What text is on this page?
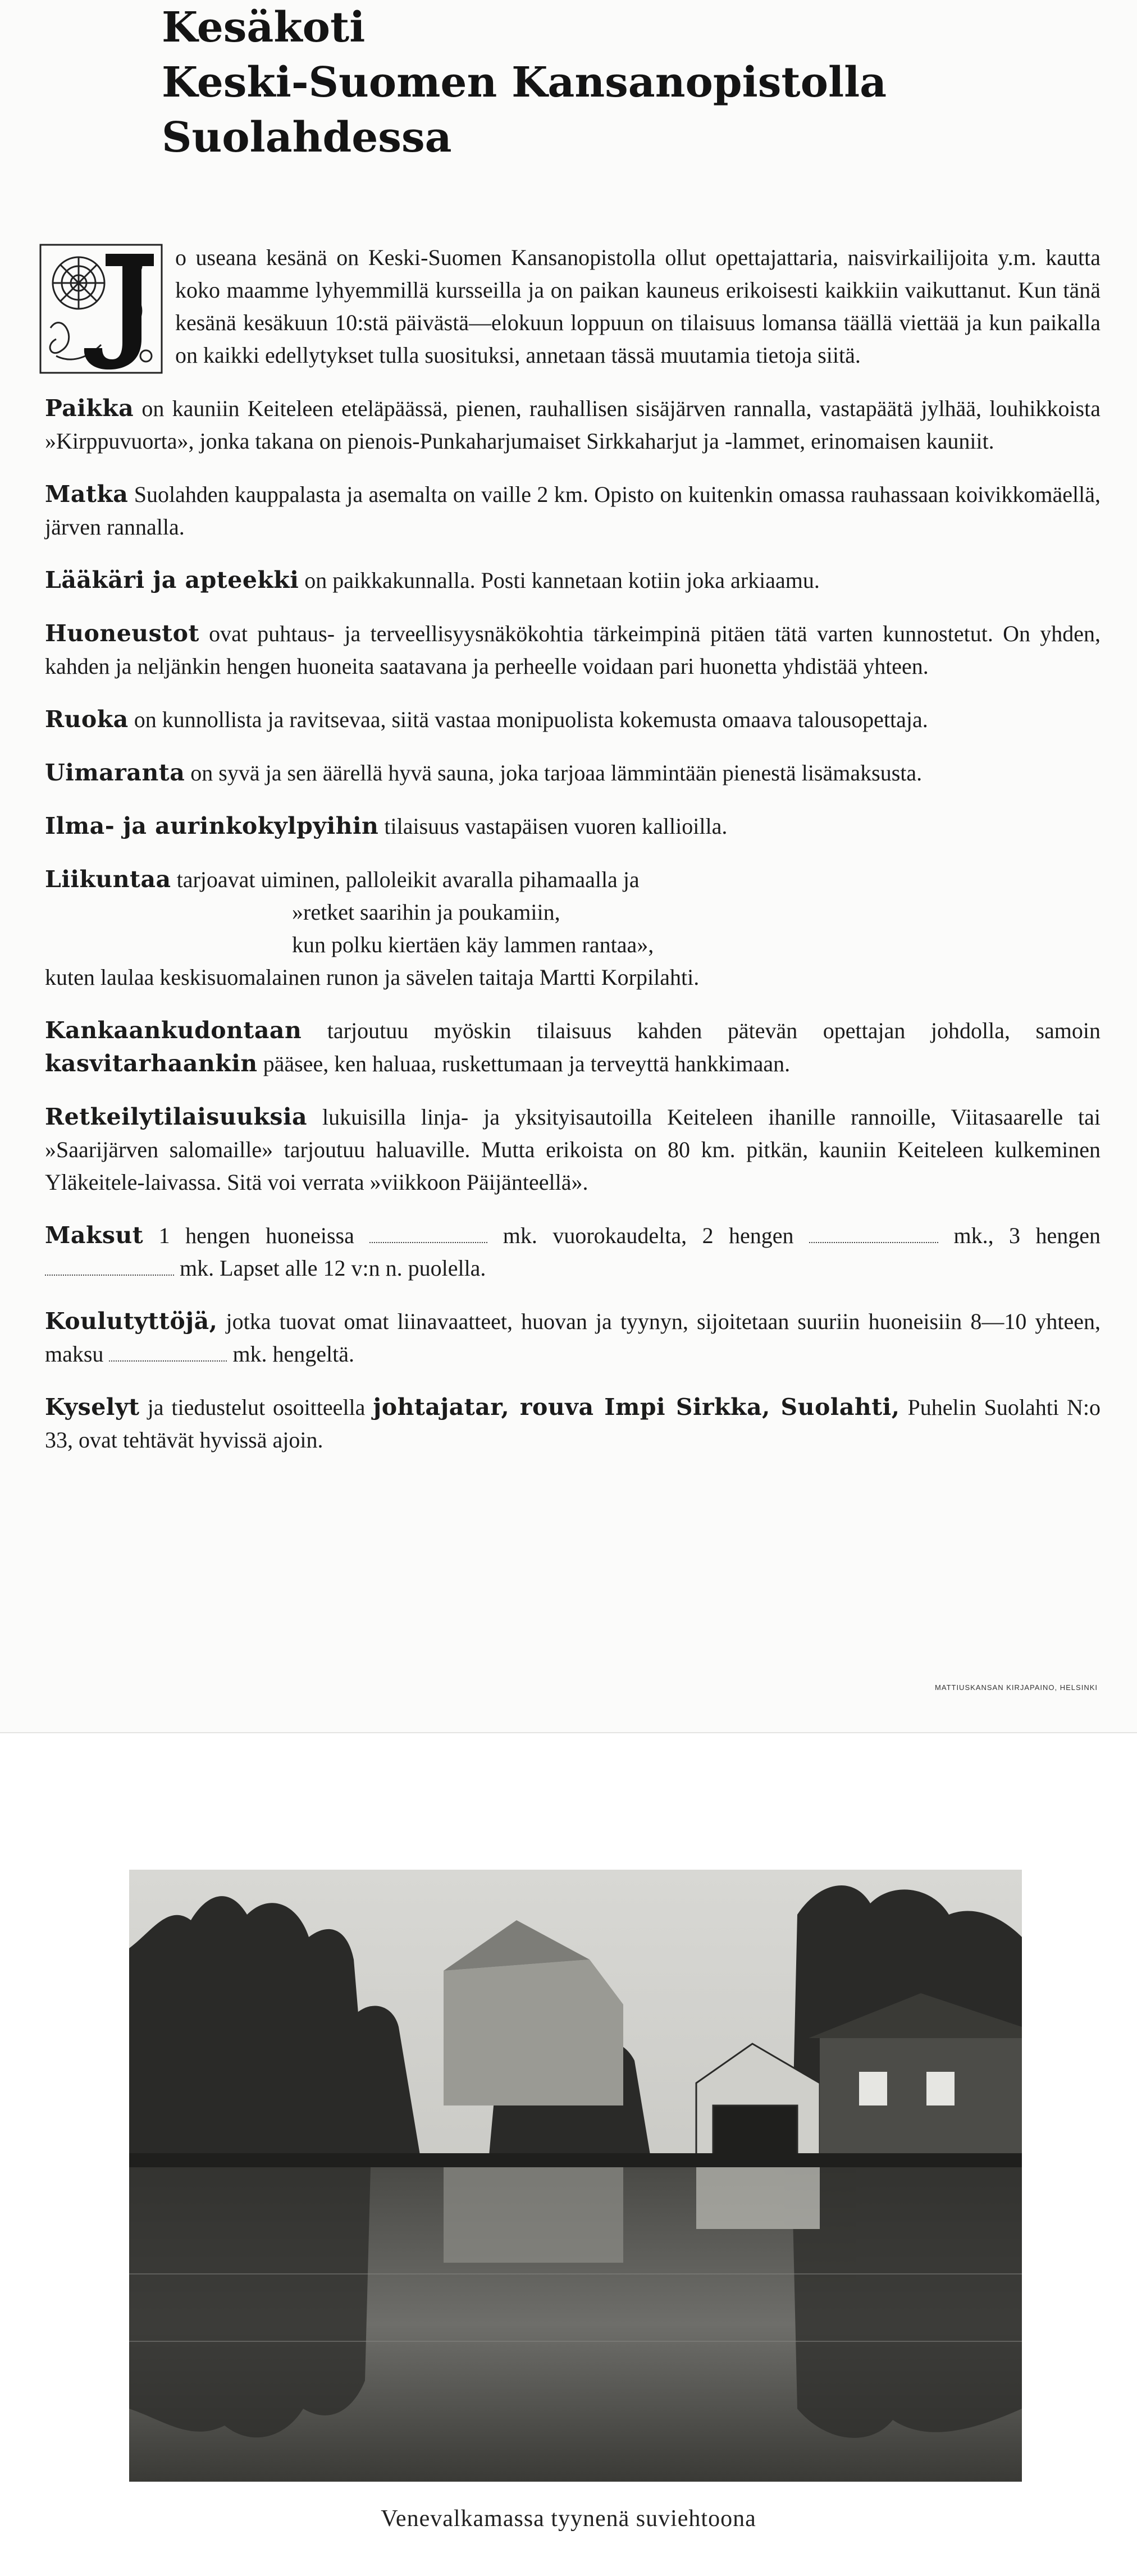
Kesäkoti
Keski-Suomen Kansanopistolla
Suolahdessa

J
o useana kesänä on Keski-Suomen Kansanopistolla ollut opettajattaria, naisvirkailijoita y.m. kautta koko maamme lyhyemmillä kursseilla ja on paikan kauneus erikoisesti kaikkiin vaikuttanut. Kun tänä kesänä kesäkuun 10:stä päivästä—elokuun loppuun on tilaisuus lomansa täällä viettää ja kun paikalla on kaikki edellytykset tulla suosituksi, annetaan tässä muutamia tietoja siitä.

Paikka on kauniin Keiteleen eteläpäässä, pienen, rauhallisen sisäjärven rannalla, vastapäätä jylhää, louhikkoista »Kirppuvuorta», jonka takana on pienois-Punkaharjumaiset Sirkkaharjut ja -lammet, erinomaisen kauniit.

Matka Suolahden kauppalasta ja asemalta on vaille 2 km. Opisto on kuitenkin omassa rauhassaan koivikkomäellä, järven rannalla.

Lääkäri ja apteekki on paikkakunnalla. Posti kannetaan kotiin joka arkiaamu.

Huoneustot ovat puhtaus- ja terveellisyysnäkökohtia tärkeimpinä pitäen tätä varten kunnostetut. On yhden, kahden ja neljänkin hengen huoneita saatavana ja perheelle voidaan pari huonetta yhdistää yhteen.

Ruoka on kunnollista ja ravitsevaa, siitä vastaa monipuolista kokemusta omaava talousopettaja.

Uimaranta on syvä ja sen äärellä hyvä sauna, joka tarjoaa lämmintään pienestä lisämaksusta.

Ilma- ja aurinkokylpyihin tilaisuus vastapäisen vuoren kallioilla.

Liikuntaa tarjoavat uiminen, palloleikit avaralla pihamaalla ja
»retket saarihin ja poukamiin,
kun polku kiertäen käy lammen rantaa»,
kuten laulaa keskisuomalainen runon ja sävelen taitaja Martti Korpilahti.

Kankaankudontaan tarjoutuu myöskin tilaisuus kahden pätevän opettajan johdolla, samoin kasvitarhaankin pääsee, ken haluaa, ruskettumaan ja terveyttä hankkimaan.

Retkeilytilaisuuksia lukuisilla linja- ja yksityisautoilla Keiteleen ihanille rannoille, Viitasaarelle tai »Saarijärven salomaille» tarjoutuu haluaville. Mutta erikoista on 80 km. pitkän, kauniin Keiteleen kulkeminen Yläkeitele-laivassa. Sitä voi verrata »viikkoon Päijänteellä».

Maksut 1 hengen huoneissa	mk. vuorokaudelta, 2 hengen	mk., 3 hengen  mk. Lapset alle 12 v:n n. puolella.

Koulutyttöjä, jotka tuovat omat liinavaatteet, huovan ja tyynyn, sijoitetaan suuriin huoneisiin 8—10 yhteen, maksu	mk. hengeltä.

Kyselyt ja tiedustelut osoitteella johtajatar, rouva Impi Sirkka, Suolahti, Puhelin Suolahti N:o 33, ovat tehtävät hyvissä ajoin.

MATTIUSKANSAN KIRJAPAINO, HELSINKI
Venevalkamassa tyynenä suviehtoona
